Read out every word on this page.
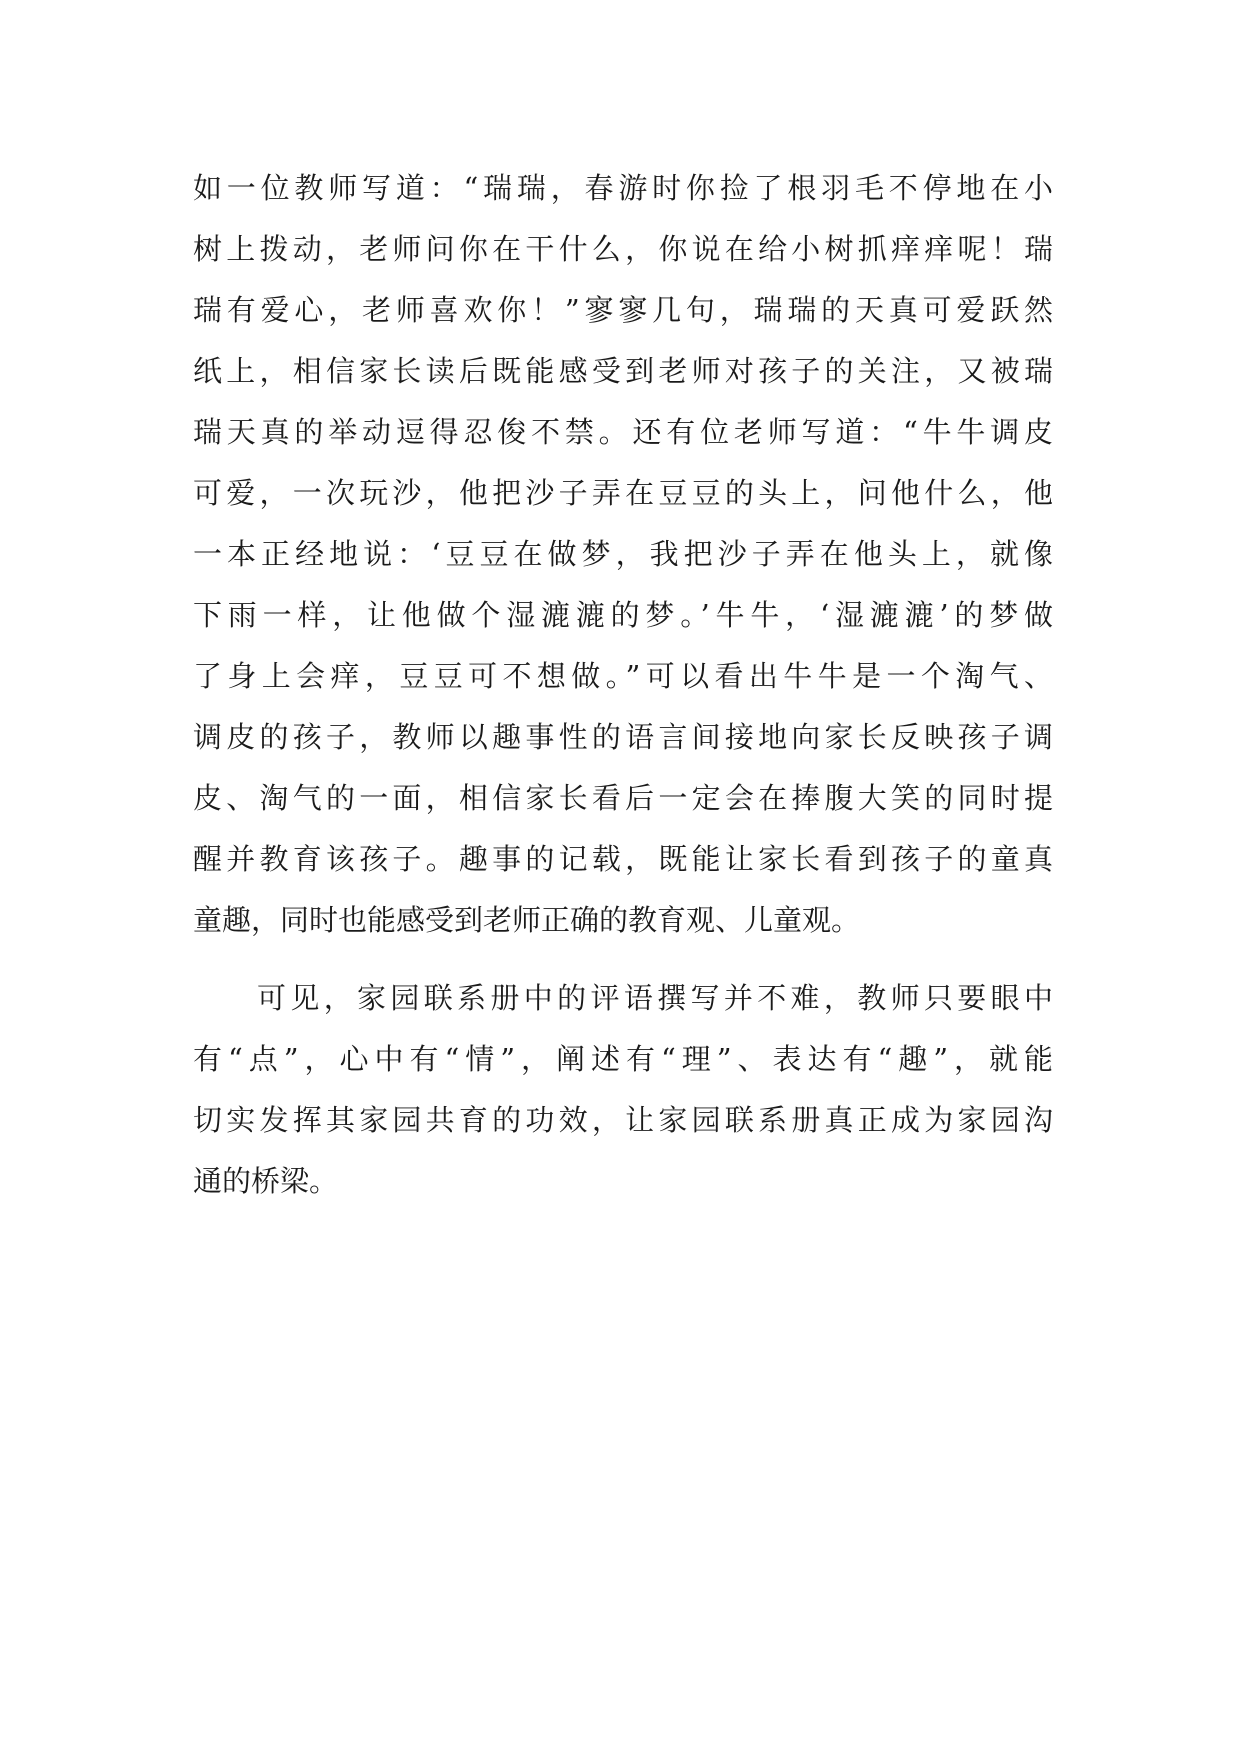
如一位教师写道：“瑞瑞，春游时你捡了根羽毛不停地在小
树上拨动，老师问你在干什么，你说在给小树抓痒痒呢！瑞
瑞有爱心，老师喜欢你！”寥寥几句，瑞瑞的天真可爱跃然
纸上，相信家长读后既能感受到老师对孩子的关注，又被瑞
瑞天真的举动逗得忍俊不禁。还有位老师写道：“牛牛调皮
可爱，一次玩沙，他把沙子弄在豆豆的头上，问他什么，他
一本正经地说：‘豆豆在做梦，我把沙子弄在他头上，就像
下雨一样，让他做个湿漉漉的梦。’牛牛，‘湿漉漉’的梦做
了身上会痒，豆豆可不想做。”可以看出牛牛是一个淘气、
调皮的孩子，教师以趣事性的语言间接地向家长反映孩子调
皮、淘气的一面，相信家长看后一定会在捧腹大笑的同时提
醒并教育该孩子。趣事的记载，既能让家长看到孩子的童真
童趣，同时也能感受到老师正确的教育观、儿童观。
可见，家园联系册中的评语撰写并不难，教师只要眼中
有“点”，心中有“情”，阐述有“理”、表达有“趣”，就能
切实发挥其家园共育的功效，让家园联系册真正成为家园沟
通的桥梁。
